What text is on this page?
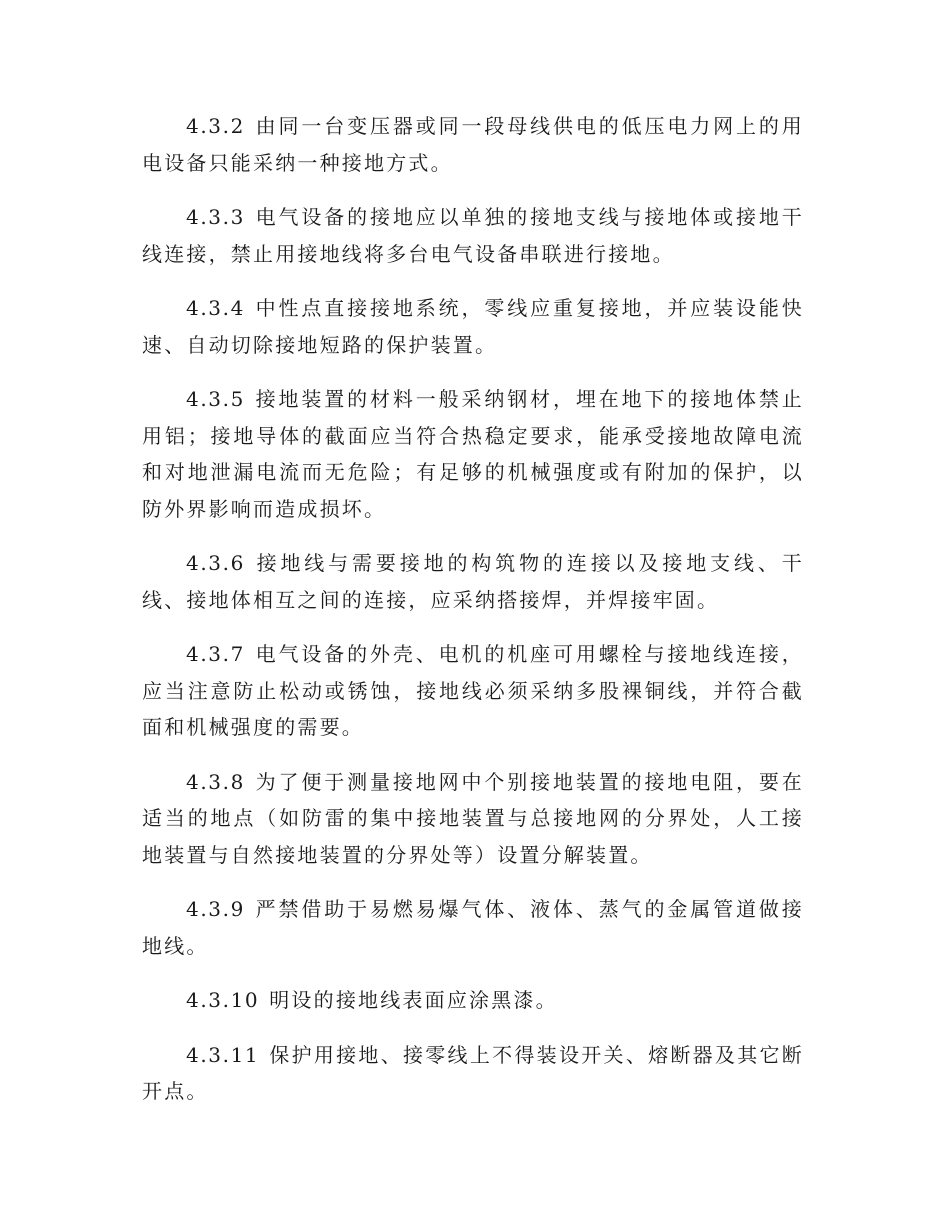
4.3.2 由同一台变压器或同一段母线供电的低压电力网上的用电设备只能采纳一种接地方式。

4.3.3 电气设备的接地应以单独的接地支线与接地体或接地干线连接，禁止用接地线将多台电气设备串联进行接地。

4.3.4 中性点直接接地系统，零线应重复接地，并应装设能快速、自动切除接地短路的保护装置。

4.3.5 接地装置的材料一般采纳钢材，埋在地下的接地体禁止用铝；接地导体的截面应当符合热稳定要求，能承受接地故障电流和对地泄漏电流而无危险；有足够的机械强度或有附加的保护，以防外界影响而造成损坏。

4.3.6 接地线与需要接地的构筑物的连接以及接地支线、干线、接地体相互之间的连接，应采纳搭接焊，并焊接牢固。

4.3.7 电气设备的外壳、电机的机座可用螺栓与接地线连接，应当注意防止松动或锈蚀，接地线必须采纳多股裸铜线，并符合截面和机械强度的需要。

4.3.8 为了便于测量接地网中个别接地装置的接地电阻，要在适当的地点（如防雷的集中接地装置与总接地网的分界处，人工接地装置与自然接地装置的分界处等）设置分解装置。

4.3.9 严禁借助于易燃易爆气体、液体、蒸气的金属管道做接地线。

4.3.10 明设的接地线表面应涂黑漆。

4.3.11 保护用接地、接零线上不得装设开关、熔断器及其它断开点。
